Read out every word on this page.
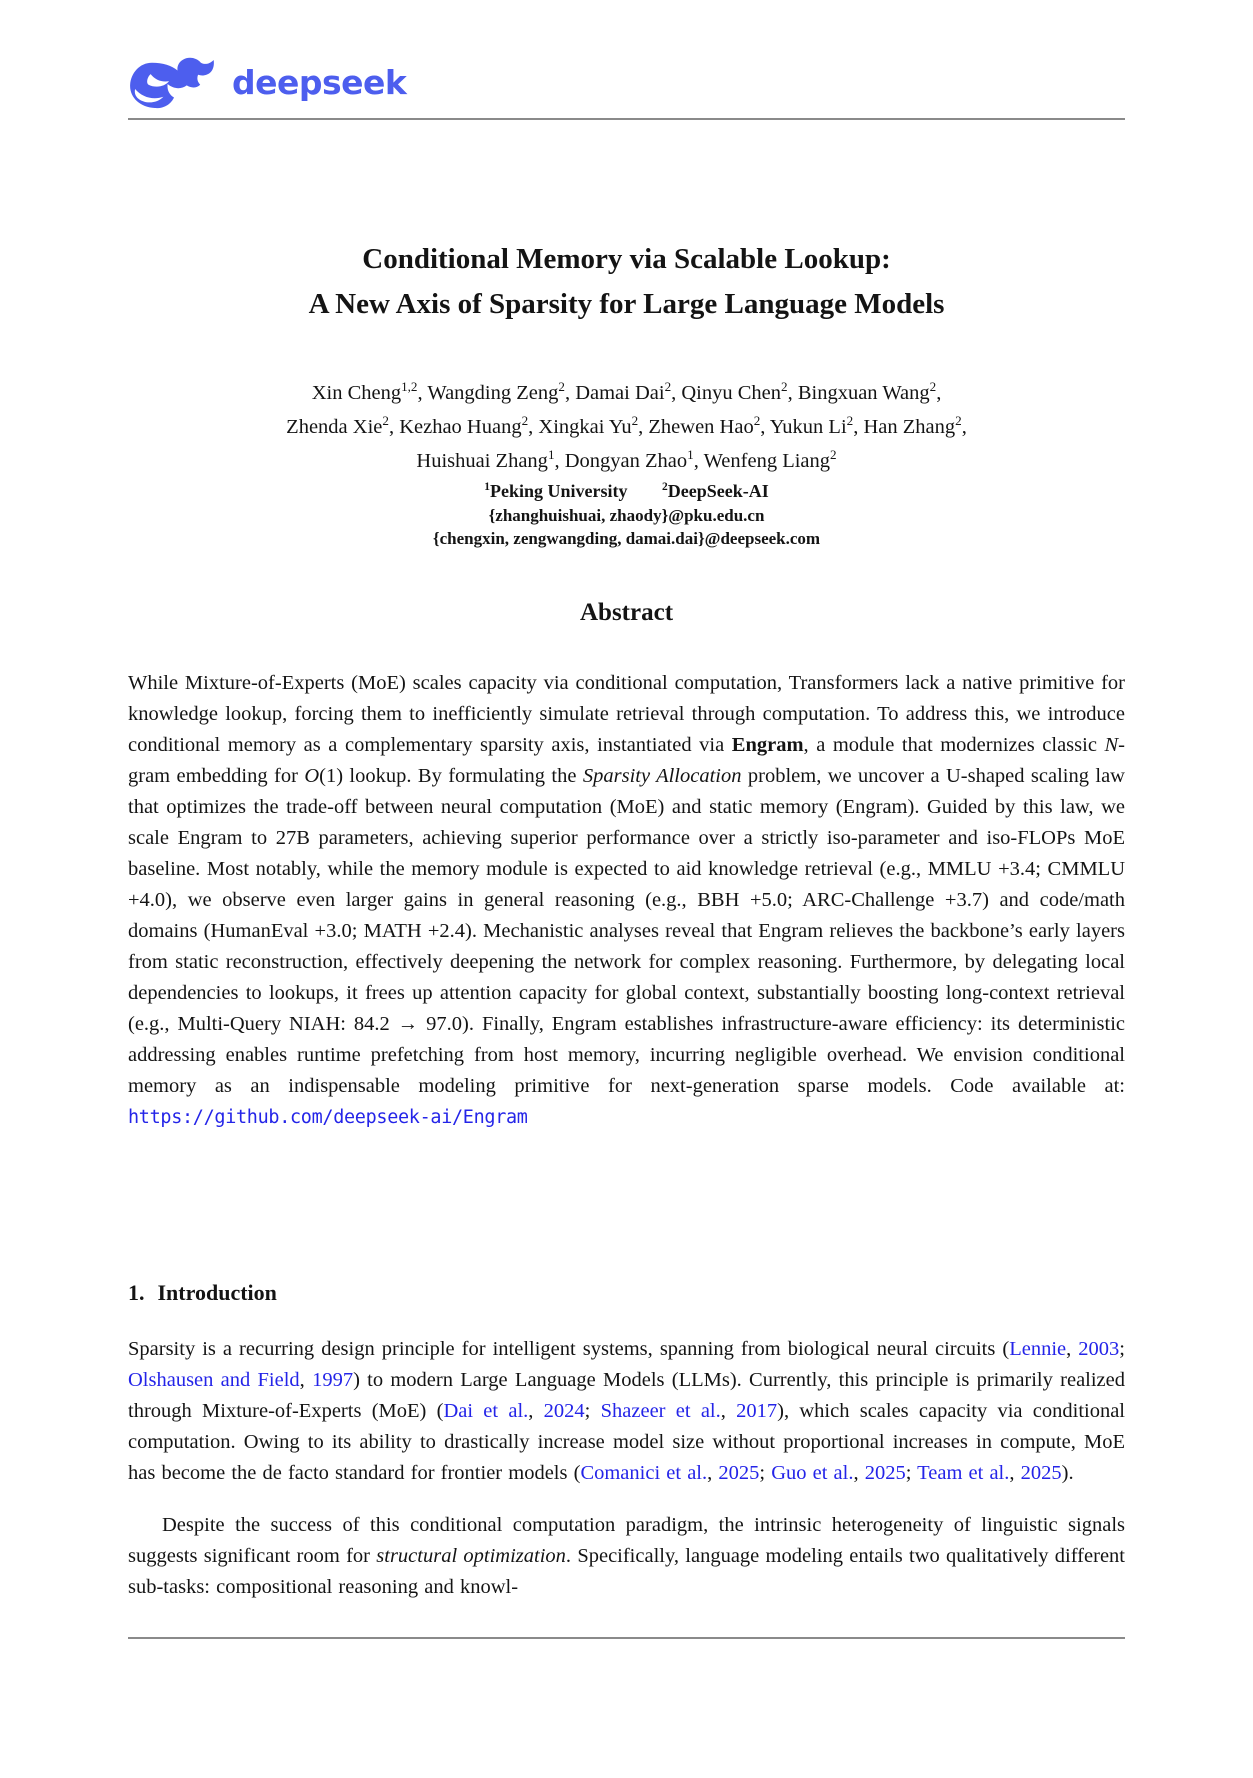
deepseek
Conditional Memory via Scalable Lookup:
A New Axis of Sparsity for Large Language Models
Xin Cheng$^{1,2}$, Wangding Zeng$^2$, Damai Dai$^2$, Qinyu Chen$^2$, Bingxuan Wang$^2$,
Zhenda Xie$^2$, Kezhao Huang$^2$, Xingkai Yu$^2$, Zhewen Hao$^2$, Yukun Li$^2$, Han Zhang$^2$,
Huishuai Zhang$^1$, Dongyan Zhao$^1$, Wenfeng Liang$^2$
$^1$Peking University	$^2$DeepSeek-AI
{zhanghuishuai, zhaody}@pku.edu.cn
{chengxin, zengwangding, damai.dai}@deepseek.com
Abstract

While Mixture-of-Experts (MoE) scales capacity via conditional computation, Transformers lack a native primitive for knowledge lookup, forcing them to inefficiently simulate retrieval through computation. To address this, we introduce conditional memory as a complementary sparsity axis, instantiated via Engram, a module that modernizes classic N-gram embedding for O(1) lookup. By formulating the Sparsity Allocation problem, we uncover a U-shaped scaling law that optimizes the trade-off between neural computation (MoE) and static memory (Engram). Guided by this law, we scale Engram to 27B parameters, achieving superior performance over a strictly iso-parameter and iso-FLOPs MoE baseline. Most notably, while the memory module is expected to aid knowledge retrieval (e.g., MMLU +3.4; CMMLU +4.0), we observe even larger gains in general reasoning (e.g., BBH +5.0; ARC-Challenge +3.7) and code/math domains (HumanEval +3.0; MATH +2.4). Mechanistic analyses reveal that Engram relieves the backbone’s early layers from static reconstruction, effectively deepening the network for complex reasoning. Furthermore, by delegating local dependencies to lookups, it frees up attention capacity for global context, substantially boosting long-context retrieval (e.g., Multi-Query NIAH: 84.2 → 97.0). Finally, Engram establishes infrastructure-aware efficiency: its deterministic addressing enables runtime prefetching from host memory, incurring negligible overhead. We envision conditional memory as an indispensable modeling primitive for next-generation sparse models. Code available at: https://github.com/deepseek-ai/Engram

1. Introduction

Sparsity is a recurring design principle for intelligent systems, spanning from biological neural circuits (Lennie, 2003; Olshausen and Field, 1997) to modern Large Language Models (LLMs). Currently, this principle is primarily realized through Mixture-of-Experts (MoE) (Dai et al., 2024; Shazeer et al., 2017), which scales capacity via conditional computation. Owing to its ability to drastically increase model size without proportional increases in compute, MoE has become the de facto standard for frontier models (Comanici et al., 2025; Guo et al., 2025; Team et al., 2025).

Despite the success of this conditional computation paradigm, the intrinsic heterogeneity of linguistic signals suggests significant room for structural optimization. Specifically, language modeling entails two qualitatively different sub-tasks: compositional reasoning and knowl-
